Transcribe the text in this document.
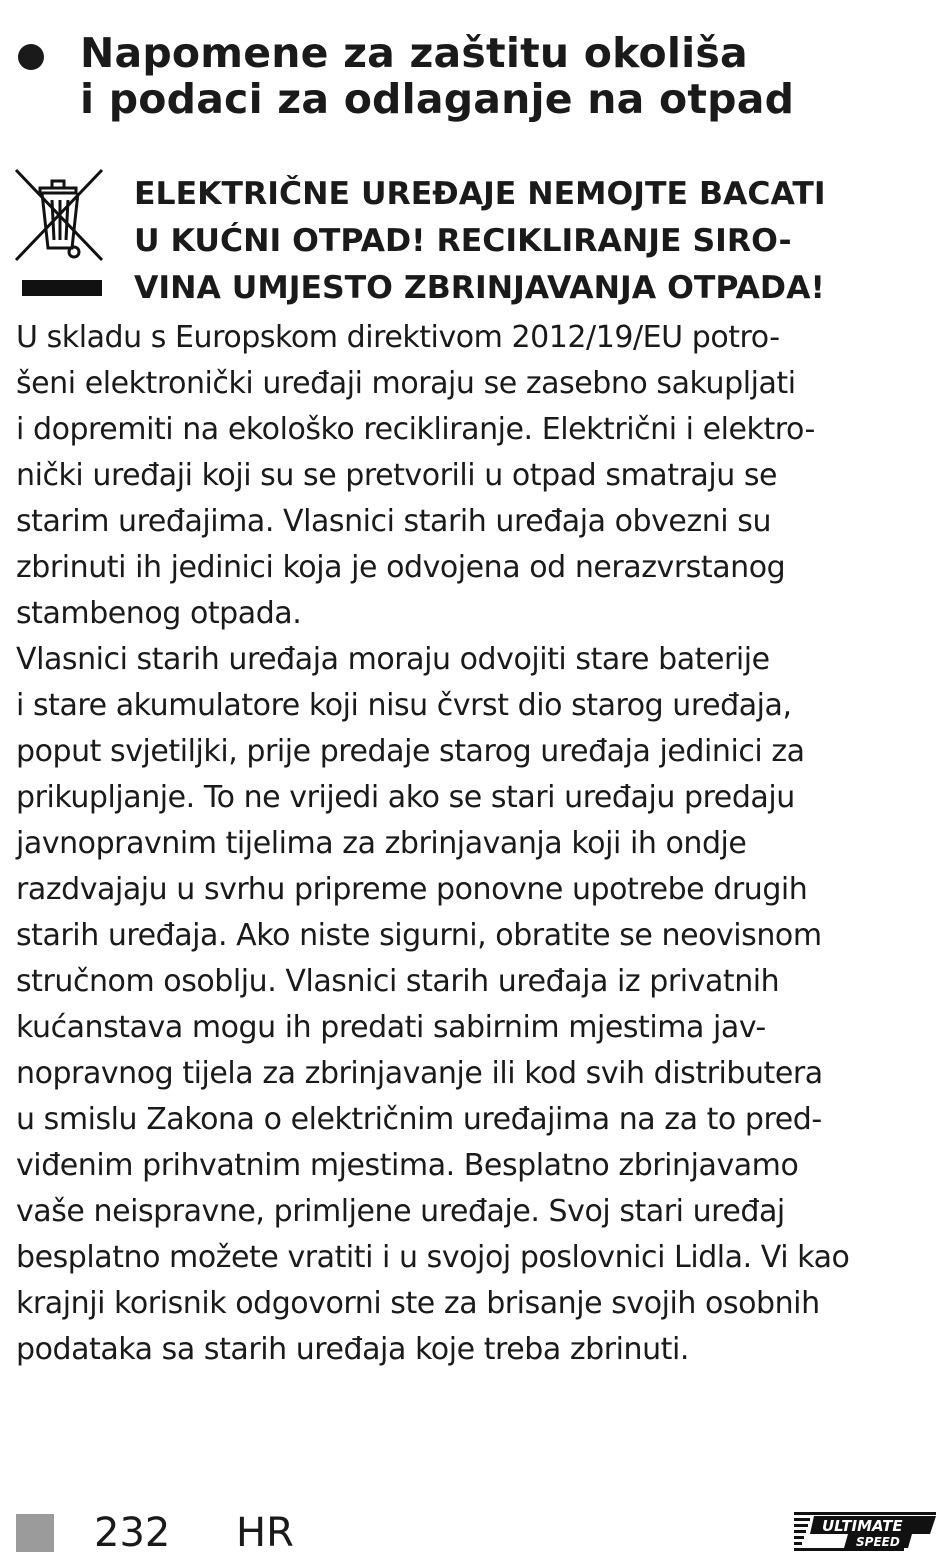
Napomene za zaštitu okoliša
i podaci za odlaganje na otpad
ELEKTRIČNE UREĐAJE NEMOJTE BACATI
U KUĆNI OTPAD! RECIKLIRANJE SIRO-
VINA UMJESTO ZBRINJAVANJA OTPADA!
U skladu s Europskom direktivom 2012/19/EU potro-
šeni elektronički uređaji moraju se zasebno sakupljati
i dopremiti na ekološko recikliranje. Električni i elektro-
nički uređaji koji su se pretvorili u otpad smatraju se
starim uređajima. Vlasnici starih uređaja obvezni su
zbrinuti ih jedinici koja je odvojena od nerazvrstanog
stambenog otpada.
Vlasnici starih uređaja moraju odvojiti stare baterije
i stare akumulatore koji nisu čvrst dio starog uređaja,
poput svjetiljki, prije predaje starog uređaja jedinici za
prikupljanje. To ne vrijedi ako se stari uređaju predaju
javnopravnim tijelima za zbrinjavanja koji ih ondje
razdvajaju u svrhu pripreme ponovne upotrebe drugih
starih uređaja. Ako niste sigurni, obratite se neovisnom
stručnom osoblju. Vlasnici starih uređaja iz privatnih
kućanstava mogu ih predati sabirnim mjestima jav-
nopravnog tijela za zbrinjavanje ili kod svih distributera
u smislu Zakona o električnim uređajima na za to pred-
viđenim prihvatnim mjestima. Besplatno zbrinjavamo
vaše neispravne, primljene uređaje. Svoj stari uređaj
besplatno možete vratiti i u svojoj poslovnici Lidla. Vi kao
krajnji korisnik odgovorni ste za brisanje svojih osobnih
podataka sa starih uređaja koje treba zbrinuti.
232 HR	ULTIMATE
SPEED
